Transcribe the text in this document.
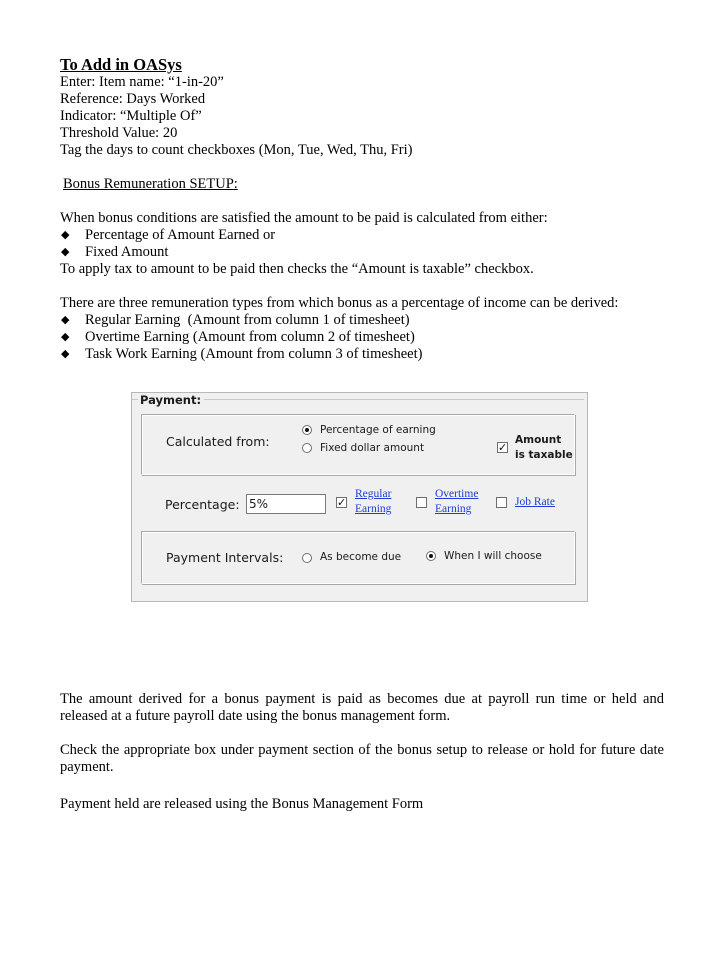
To Add in OASys
Enter: Item name: “1-in-20”
Reference: Days Worked
Indicator: “Multiple Of”
Threshold Value: 20
Tag the days to count checkboxes (Mon, Tue, Wed, Thu, Fri)
Bonus Remuneration SETUP:
When bonus conditions are satisfied the amount to be paid is calculated from either:
◆	Percentage of Amount Earned or
◆	Fixed Amount
To apply tax to amount to be paid then checks the “Amount is taxable” checkbox.
There are three remuneration types from which bonus as a percentage of income can be derived:
◆	Regular Earning  (Amount from column 1 of timesheet)
◆	Overtime Earning (Amount from column 2 of timesheet)
◆	Task Work Earning (Amount from column 3 of timesheet)
Payment:
Calculated from:
Percentage of earning
Fixed dollar amount	✓
Amount
is taxable
Percentage: 5%	✓
Regular
Earning
Overtime
Earning
Job Rate
Payment Intervals:	As become due	When I will choose
The amount derived for a bonus payment is paid as becomes due at payroll run time or held and released at a future payroll date using the bonus management form.
Check the appropriate box under payment section of the bonus setup to release or hold for future date payment.
Payment held are released using the Bonus Management Form
